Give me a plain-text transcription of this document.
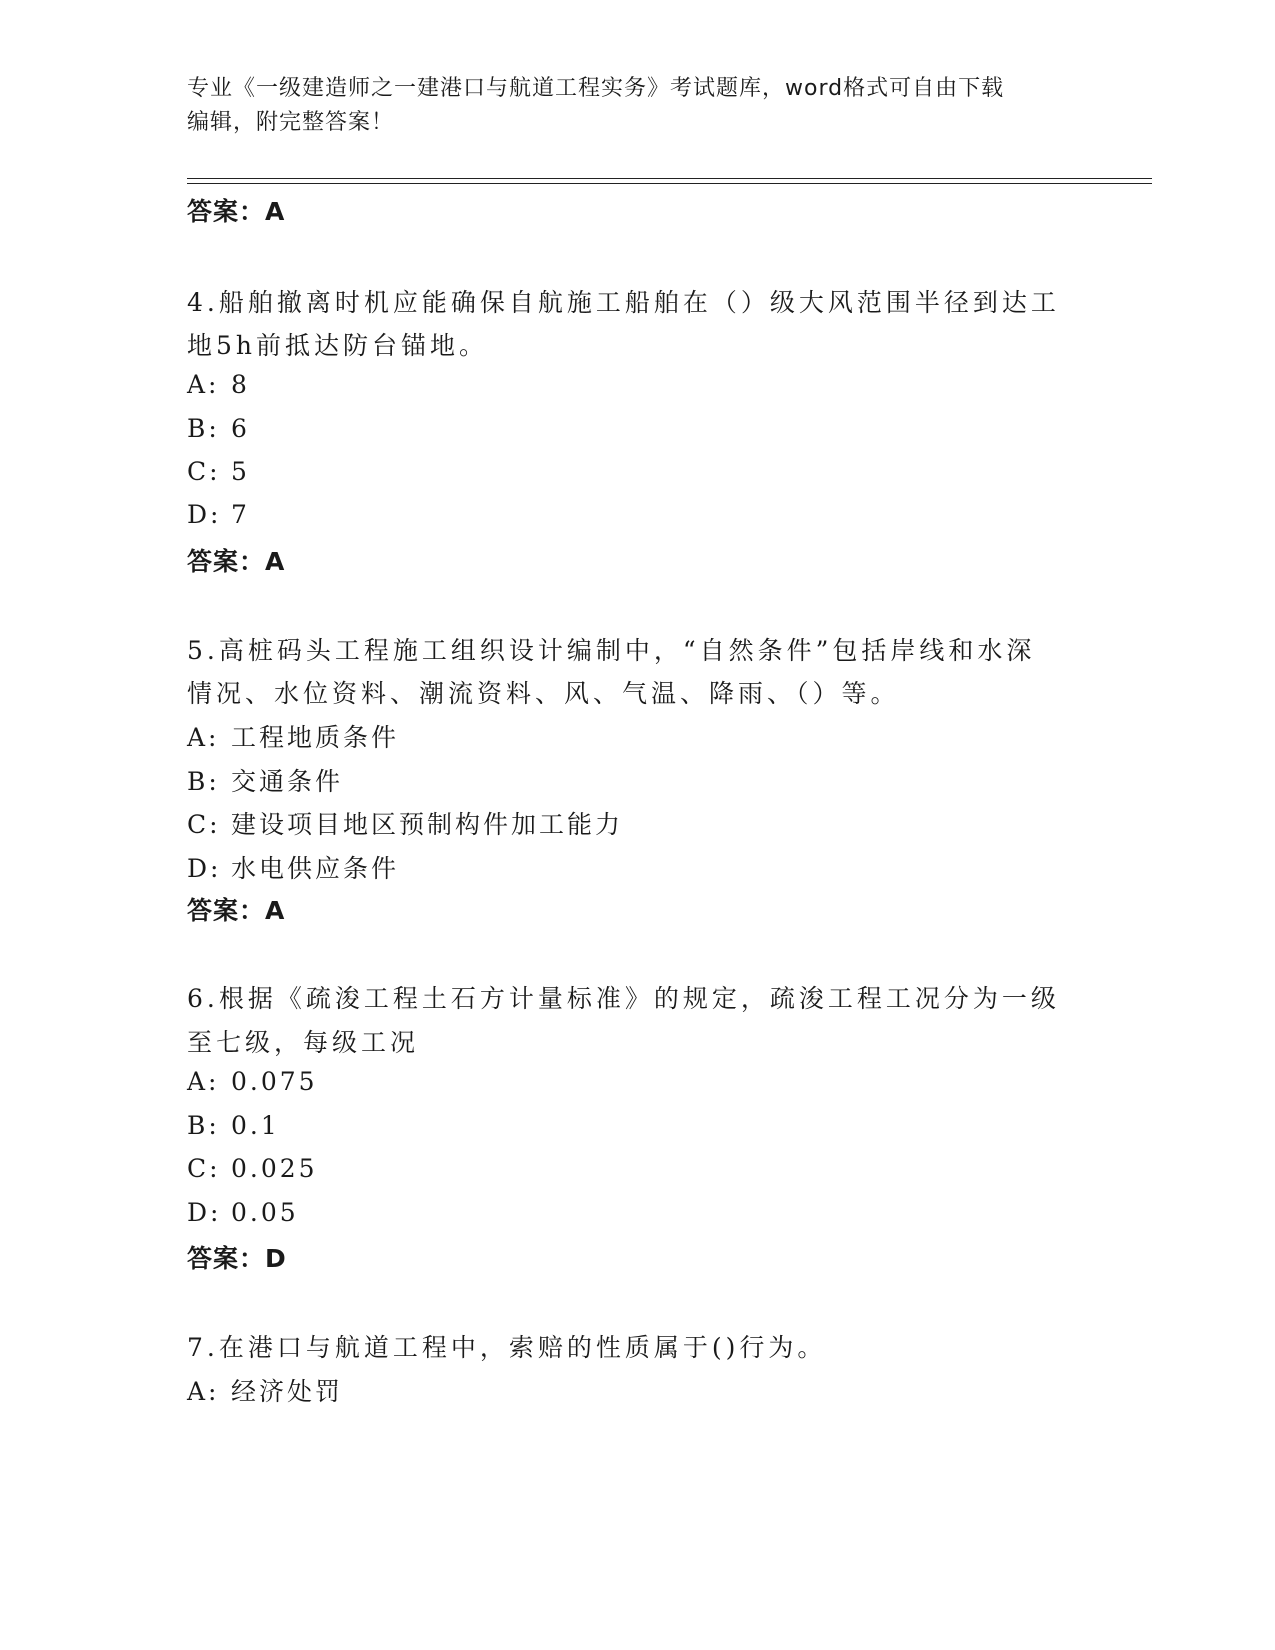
专业《一级建造师之一建港口与航道工程实务》考试题库，word格式可自由下载
编辑，附完整答案！
答案：A
4.船舶撤离时机应能确保自航施工船舶在（）级大风范围半径到达工
地5h前抵达防台锚地。
A: 8
B: 6
C: 5
D: 7
答案：A
5.高桩码头工程施工组织设计编制中，“自然条件”包括岸线和水深
情况、水位资料、潮流资料、风、气温、降雨、（）等。
A: 工程地质条件
B: 交通条件
C: 建设项目地区预制构件加工能力
D: 水电供应条件
答案：A
6.根据《疏浚工程土石方计量标准》的规定，疏浚工程工况分为一级
至七级，每级工况
A: 0.075
B: 0.1
C: 0.025
D: 0.05
答案：D
7.在港口与航道工程中，索赔的性质属于()行为。
A: 经济处罚
